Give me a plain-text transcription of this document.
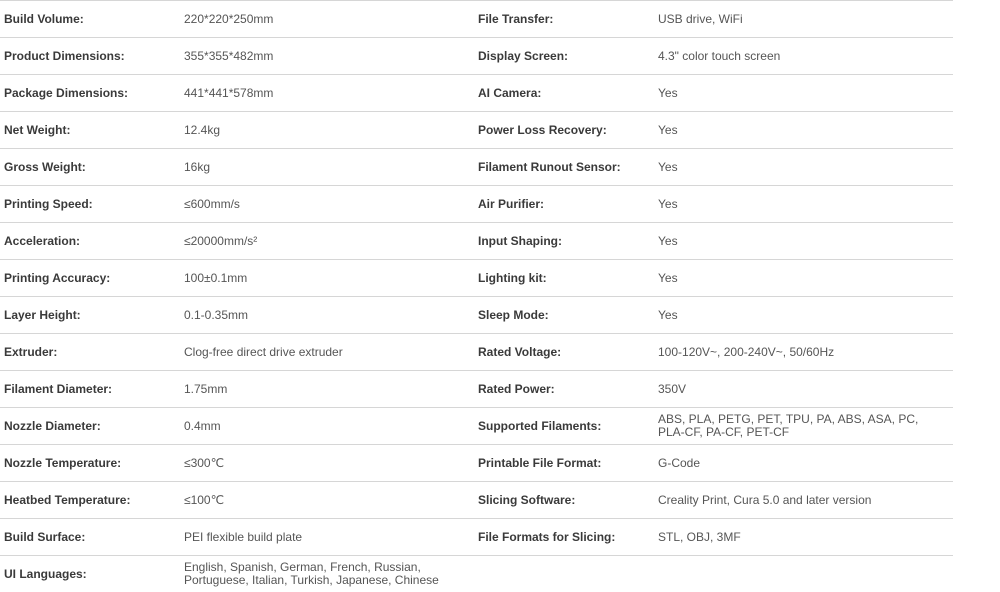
Build Volume:	220*220*250mm	File Transfer:	USB drive, WiFi
Product Dimensions:	355*355*482mm	Display Screen:	4.3" color touch screen
Package Dimensions:	441*441*578mm	AI Camera:	Yes
Net Weight:	12.4kg	Power Loss Recovery:	Yes
Gross Weight:	16kg	Filament Runout Sensor:	Yes
Printing Speed:	≤600mm/s	Air Purifier:	Yes
Acceleration:	≤20000mm/s²	Input Shaping:	Yes
Printing Accuracy:	100±0.1mm	Lighting kit:	Yes
Layer Height:	0.1-0.35mm	Sleep Mode:	Yes
Extruder:	Clog-free direct drive extruder	Rated Voltage:	100-120V~, 200-240V~, 50/60Hz
Filament Diameter:	1.75mm	Rated Power:	350V
Nozzle Diameter:	0.4mm	Supported Filaments:	ABS, PLA, PETG, PET, TPU, PA, ABS, ASA, PC, PLA-CF, PA-CF, PET-CF
Nozzle Temperature:	≤300℃	Printable File Format:	G-Code
Heatbed Temperature:	≤100℃	Slicing Software:	Creality Print, Cura 5.0 and later version
Build Surface:	PEI flexible build plate	File Formats for Slicing:	STL, OBJ, 3MF
UI Languages:	English, Spanish, German, French, Russian, Portuguese, Italian, Turkish, Japanese, Chinese
